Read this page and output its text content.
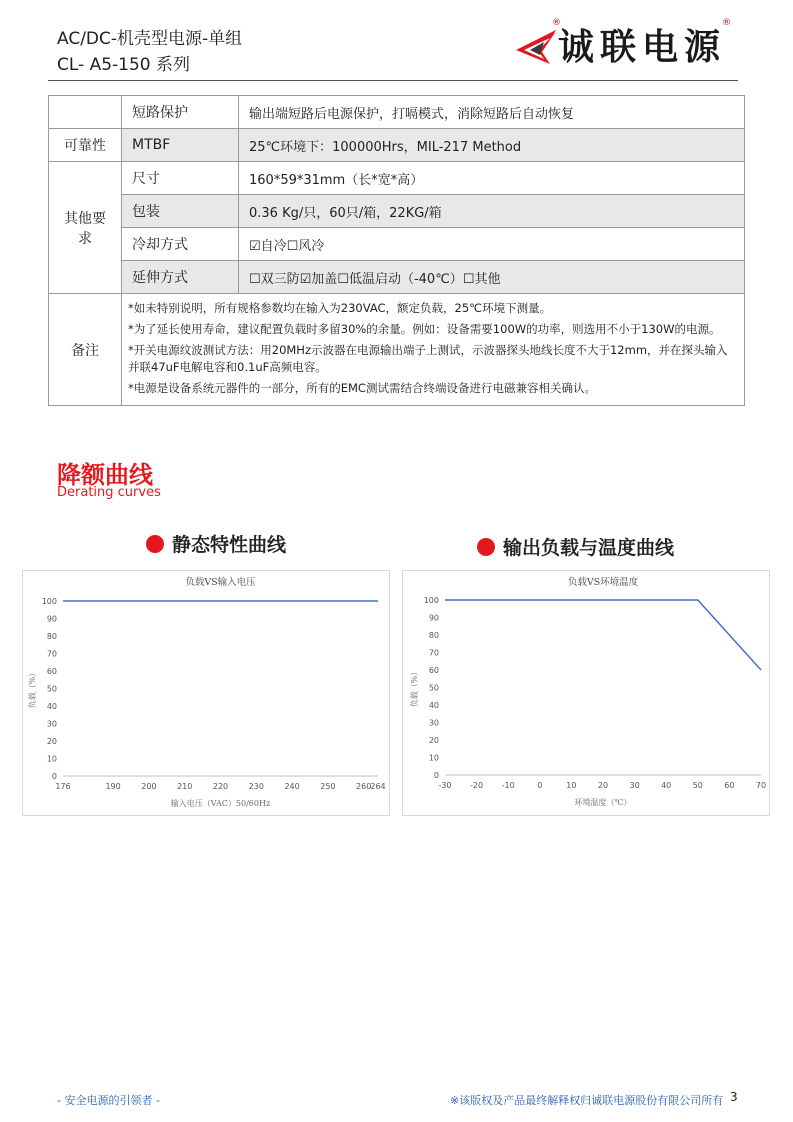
AC/DC-机壳型电源-单组
CL- A5-150 系列
®
诚联电源
®
	短路保护	输出端短路后电源保护，打嗝模式，消除短路后自动恢复
可靠性	MTBF	25℃环境下：100000Hrs，MIL-217 Method
其他要求	尺寸	160*59*31mm（长*宽*高）
	包装	0.36 Kg/只，60只/箱，22KG/箱
	冷却方式	☑自冷☐风冷
	延伸方式	☐双三防☑加盖☐低温启动（-40℃）☐其他
备注	*如未特别说明，所有规格参数均在输入为230VAC，额定负载，25℃环境下测量。

*为了延长使用寿命，建议配置负载时多留30%的余量。例如：设备需要100W的功率，则选用不小于130W的电源。

*开关电源纹波测试方法：用20MHz示波器在电源输出端子上测试，示波器探头地线长度不大于12mm，并在探头输入并联47uF电解电容和0.1uF高频电容。

*电源是设备系统元器件的一部分，所有的EMC测试需结合终端设备进行电磁兼容相关确认。	

降额曲线
Derating curves
静态特性曲线	输出负载与温度曲线
负载VS输入电压
0
10
20
30
40
50
60
70
80
90
100
176	190	200	210	220	230	240	250	260 264
输入电压（VAC）50/60Hz
负载（%）
负载VS环境温度
0
10
20
30
40
50
60
70
80
90
100
-30 -20 -10	0	10	20	30	40	50	60	70
环境温度（℃）
负载（%）
- 安全电源的引领者 -	※该版权及产品最终解释权归诚联电源股份有限公司所有 3
